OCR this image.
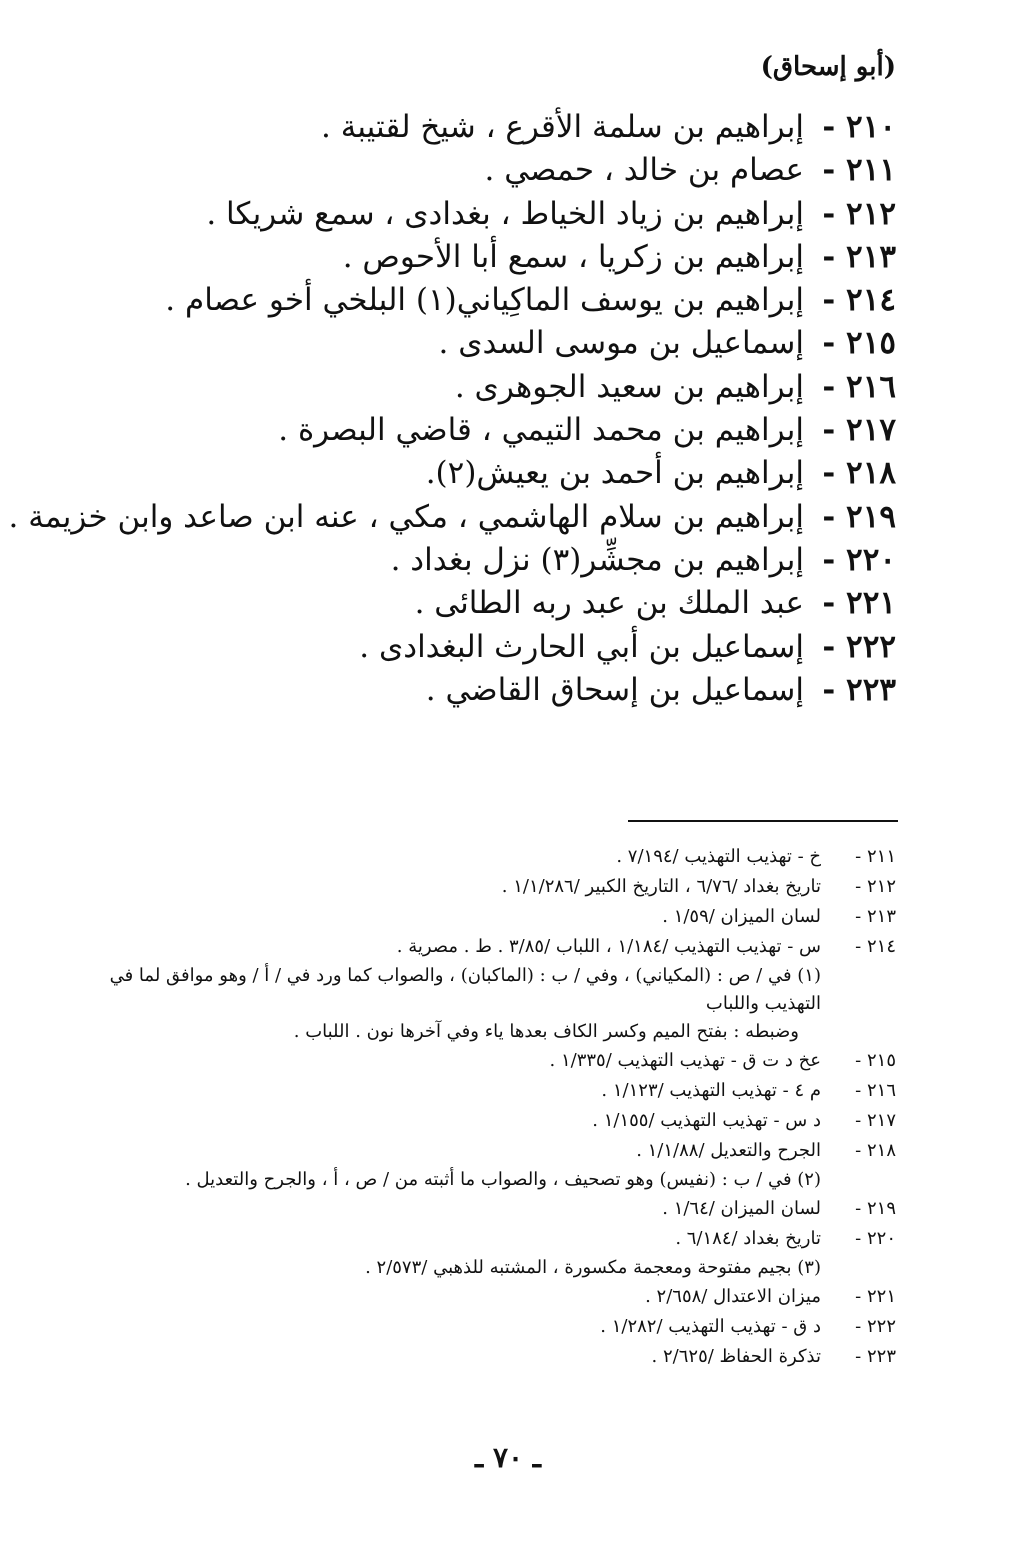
(أبو إسحاق)
٢١٠ -
إبراهيم بن سلمة الأقرع ، شيخ لقتيبة .
٢١١ -
عصام بن خالد ، حمصي .
٢١٢ -
إبراهيم بن زياد الخياط ، بغدادى ، سمع شريكا .
٢١٣ -
إبراهيم بن زكريا ، سمع أبا الأحوص .
٢١٤ -
إبراهيم بن يوسف الماكِياني(١) البلخي أخو عصام .
٢١٥ -
إسماعيل بن موسى السدى .
٢١٦ -
إبراهيم بن سعيد الجوهرى .
٢١٧ -
إبراهيم بن محمد التيمي ، قاضي البصرة .
٢١٨ -
إبراهيم بن أحمد بن يعيش(٢).
٢١٩ -
إبراهيم بن سلام الهاشمي ، مكي ، عنه ابن صاعد وابن خزيمة .
٢٢٠ -
إبراهيم بن مجشِّر(٣) نزل بغداد .
٢٢١ -
عبد الملك بن عبد ربه الطائى .
٢٢٢ -
إسماعيل بن أبي الحارث البغدادى .
٢٢٣ -
إسماعيل بن إسحاق القاضي .
٢١١ -
خ - تهذيب التهذيب /٧/١٩٤ .
٢١٢ -
تاريخ بغداد /٦/٧٦ ، التاريخ الكبير /١/١/٢٨٦ .
٢١٣ -
لسان الميزان /١/٥٩ .
٢١٤ -
س - تهذيب التهذيب /١/١٨٤ ، اللباب /٣/٨٥ . ط . مصرية .
(١) في / ص : (المكياني) ، وفي / ب : (الماكبان) ، والصواب كما ورد في / أ / وهو موافق لما في التهذيب واللباب
وضبطه : بفتح الميم وكسر الكاف بعدها ياء وفي آخرها نون . اللباب .
٢١٥ -
عخ د ت ق - تهذيب التهذيب /١/٣٣٥ .
٢١٦ -
م ٤ - تهذيب التهذيب /١/١٢٣ .
٢١٧ -
د س - تهذيب التهذيب /١/١٥٥ .
٢١٨ -
الجرح والتعديل /١/١/٨٨ .
(٢) في / ب : (نفيس) وهو تصحيف ، والصواب ما أثبته من / ص ، أ ، والجرح والتعديل .
٢١٩ -
لسان الميزان /١/٦٤ .
٢٢٠ -
تاريخ بغداد /٦/١٨٤ .
(٣) بجيم مفتوحة ومعجمة مكسورة ، المشتبه للذهبي /٢/٥٧٣ .
٢٢١ -
ميزان الاعتدال /٢/٦٥٨ .
٢٢٢ -
د ق - تهذيب التهذيب /١/٢٨٢ .
٢٢٣ -
تذكرة الحفاظ /٢/٦٢٥ .
ـ ٧٠ ـ
